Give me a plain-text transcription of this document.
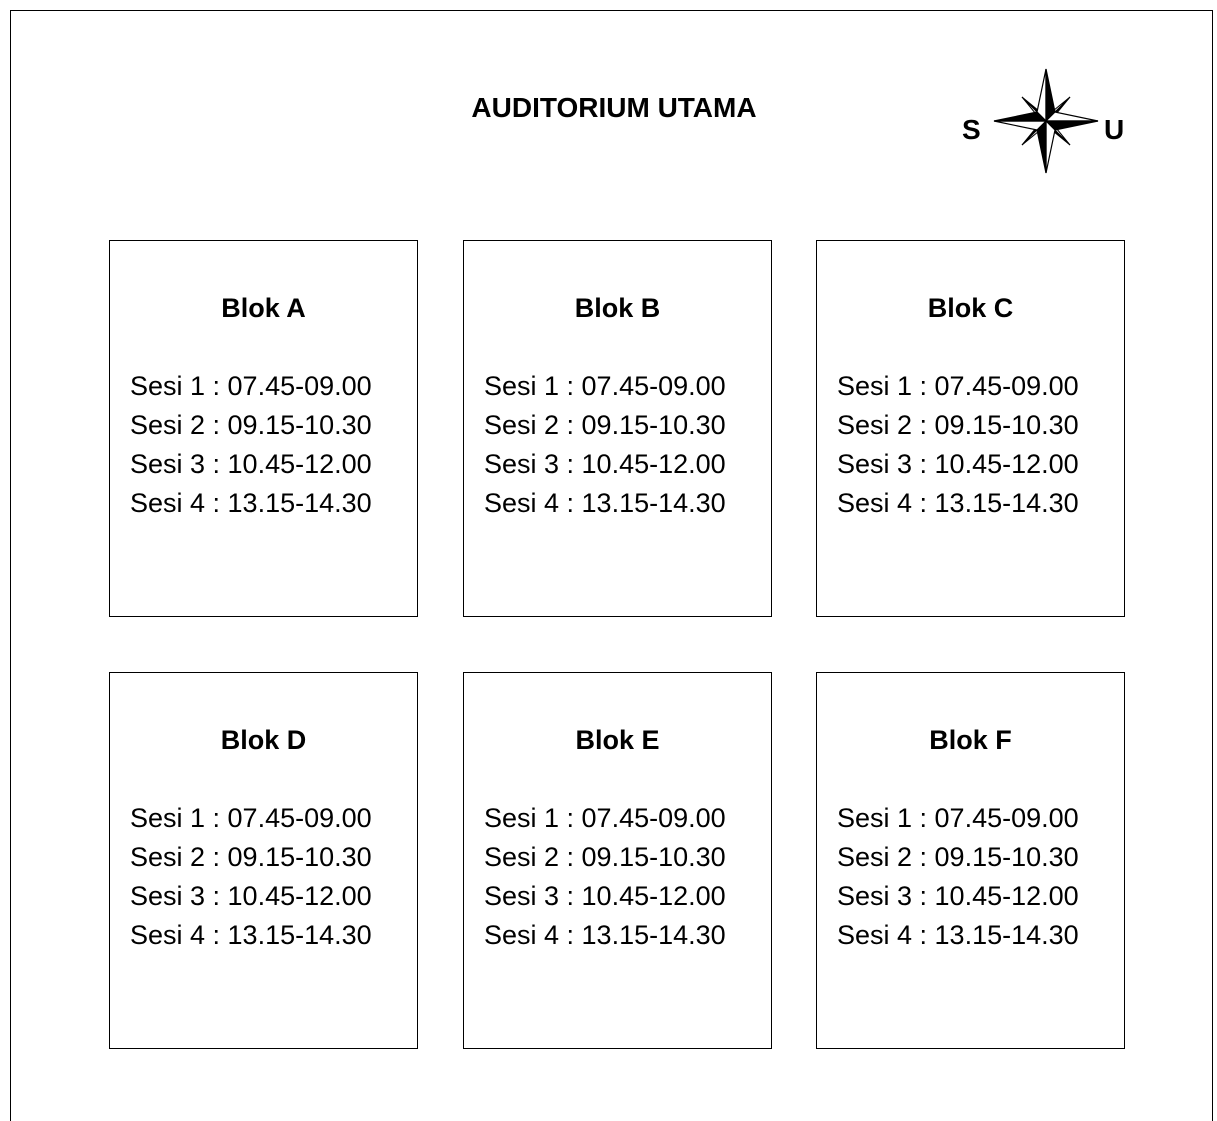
AUDITORIUM UTAMA
S	U
Blok A
Sesi 1 : 07.45-09.00
Sesi 2 : 09.15-10.30
Sesi 3 : 10.45-12.00
Sesi 4 : 13.15-14.30
Blok B
Sesi 1 : 07.45-09.00
Sesi 2 : 09.15-10.30
Sesi 3 : 10.45-12.00
Sesi 4 : 13.15-14.30
Blok C
Sesi 1 : 07.45-09.00
Sesi 2 : 09.15-10.30
Sesi 3 : 10.45-12.00
Sesi 4 : 13.15-14.30
Blok D
Sesi 1 : 07.45-09.00
Sesi 2 : 09.15-10.30
Sesi 3 : 10.45-12.00
Sesi 4 : 13.15-14.30
Blok E
Sesi 1 : 07.45-09.00
Sesi 2 : 09.15-10.30
Sesi 3 : 10.45-12.00
Sesi 4 : 13.15-14.30
Blok F
Sesi 1 : 07.45-09.00
Sesi 2 : 09.15-10.30
Sesi 3 : 10.45-12.00
Sesi 4 : 13.15-14.30
